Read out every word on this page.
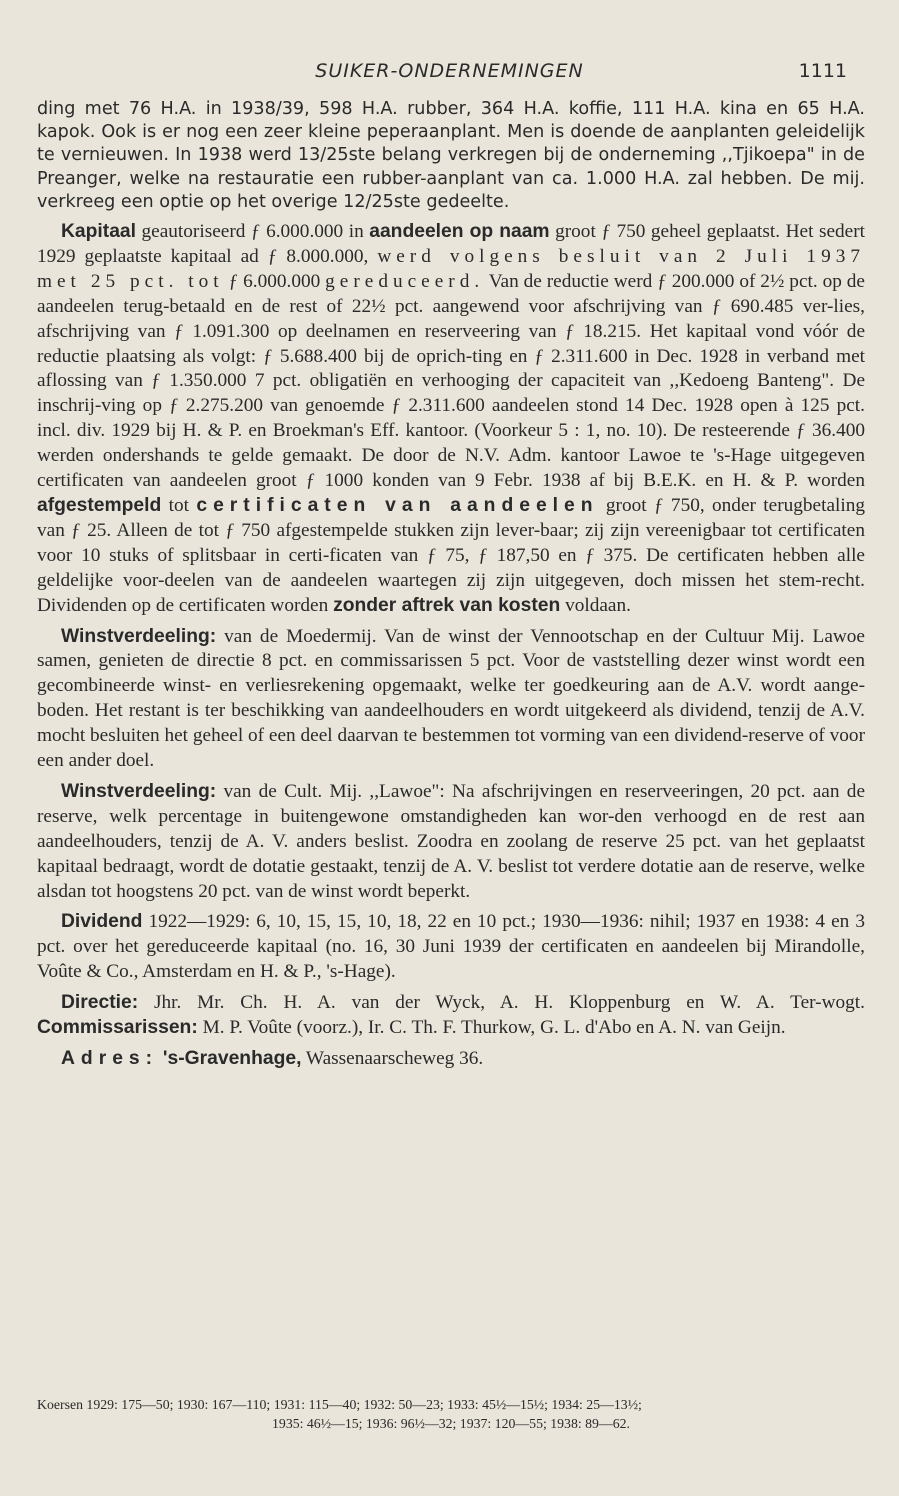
SUIKER-ONDERNEMINGEN	1111

ding met 76 H.A. in 1938/39, 598 H.A. rubber, 364 H.A. koffie, 111 H.A. kina en 65 H.A. kapok. Ook is er nog een zeer kleine peperaanplant. Men is doende de aanplanten geleidelijk te vernieuwen. In 1938 werd 13/25ste belang verkregen bij de onderneming ,,Tjikoepa" in de Preanger, welke na restauratie een rubber-aanplant van ca. 1.000 H.A. zal hebben. De mij. verkreeg een optie op het overige 12/25ste gedeelte.

Kapitaal geautoriseerd ƒ 6.000.000 in aandeelen op naam groot ƒ 750 geheel geplaatst. Het sedert 1929 geplaatste kapitaal ad ƒ 8.000.000, werd volgens besluit van 2 Juli 1937 met 25 pct. tot ƒ 6.000.000 gereduceerd. Van de reductie werd ƒ 200.000 of 2½ pct. op de aandeelen terug-betaald en de rest of 22½ pct. aangewend voor afschrijving van ƒ 690.485 ver-lies, afschrijving van ƒ 1.091.300 op deelnamen en reserveering van ƒ 18.215. Het kapitaal vond vóór de reductie plaatsing als volgt: ƒ 5.688.400 bij de oprich-ting en ƒ 2.311.600 in Dec. 1928 in verband met aflossing van ƒ 1.350.000 7 pct. obligatiën en verhooging der capaciteit van ,,Kedoeng Banteng". De inschrij-ving op ƒ 2.275.200 van genoemde ƒ 2.311.600 aandeelen stond 14 Dec. 1928 open à 125 pct. incl. div. 1929 bij H. & P. en Broekman's Eff. kantoor. (Voorkeur 5 : 1, no. 10). De resteerende ƒ 36.400 werden ondershands te gelde gemaakt. De door de N.V. Adm. kantoor Lawoe te 's-Hage uitgegeven certificaten van aandeelen groot ƒ 1000 konden van 9 Febr. 1938 af bij B.E.K. en H. & P. worden afgestempeld tot certificaten van aandeelen groot ƒ 750, onder terugbetaling van ƒ 25. Alleen de tot ƒ 750 afgestempelde stukken zijn lever-baar; zij zijn vereenigbaar tot certificaten voor 10 stuks of splitsbaar in certi-ficaten van ƒ 75, ƒ 187,50 en ƒ 375. De certificaten hebben alle geldelijke voor-deelen van de aandeelen waartegen zij zijn uitgegeven, doch missen het stem-recht. Dividenden op de certificaten worden zonder aftrek van kosten voldaan.

Winstverdeeling: van de Moedermij. Van de winst der Vennootschap en der Cultuur Mij. Lawoe samen, genieten de directie 8 pct. en commissarissen 5 pct. Voor de vaststelling dezer winst wordt een gecombineerde winst- en verliesrekening opgemaakt, welke ter goedkeuring aan de A.V. wordt aange-boden. Het restant is ter beschikking van aandeelhouders en wordt uitgekeerd als dividend, tenzij de A.V. mocht besluiten het geheel of een deel daarvan te bestemmen tot vorming van een dividend-reserve of voor een ander doel.

Winstverdeeling: van de Cult. Mij. ,,Lawoe": Na afschrijvingen en reserveeringen, 20 pct. aan de reserve, welk percentage in buitengewone omstandigheden kan wor-den verhoogd en de rest aan aandeelhouders, tenzij de A. V. anders beslist. Zoodra en zoolang de reserve 25 pct. van het geplaatst kapitaal bedraagt, wordt de dotatie gestaakt, tenzij de A. V. beslist tot verdere dotatie aan de reserve, welke alsdan tot hoogstens 20 pct. van de winst wordt beperkt.

Dividend 1922—1929: 6, 10, 15, 15, 10, 18, 22 en 10 pct.; 1930—1936: nihil; 1937 en 1938: 4 en 3 pct. over het gereduceerde kapitaal (no. 16, 30 Juni 1939 der certificaten en aandeelen bij Mirandolle, Voûte & Co., Amsterdam en H. & P., 's-Hage).

Directie: Jhr. Mr. Ch. H. A. van der Wyck, A. H. Kloppenburg en W. A. Ter-wogt. Commissarissen: M. P. Voûte (voorz.), Ir. C. Th. F. Thurkow, G. L. d'Abo en A. N. van Geijn.

Adres: 's-Gravenhage, Wassenaarscheweg 36.

Koersen 1929: 175—50; 1930: 167—110; 1931: 115—40; 1932: 50—23; 1933: 45½—15½; 1934: 25—13½;
1935: 46½—15; 1936: 96½—32; 1937: 120—55; 1938: 89—62.
